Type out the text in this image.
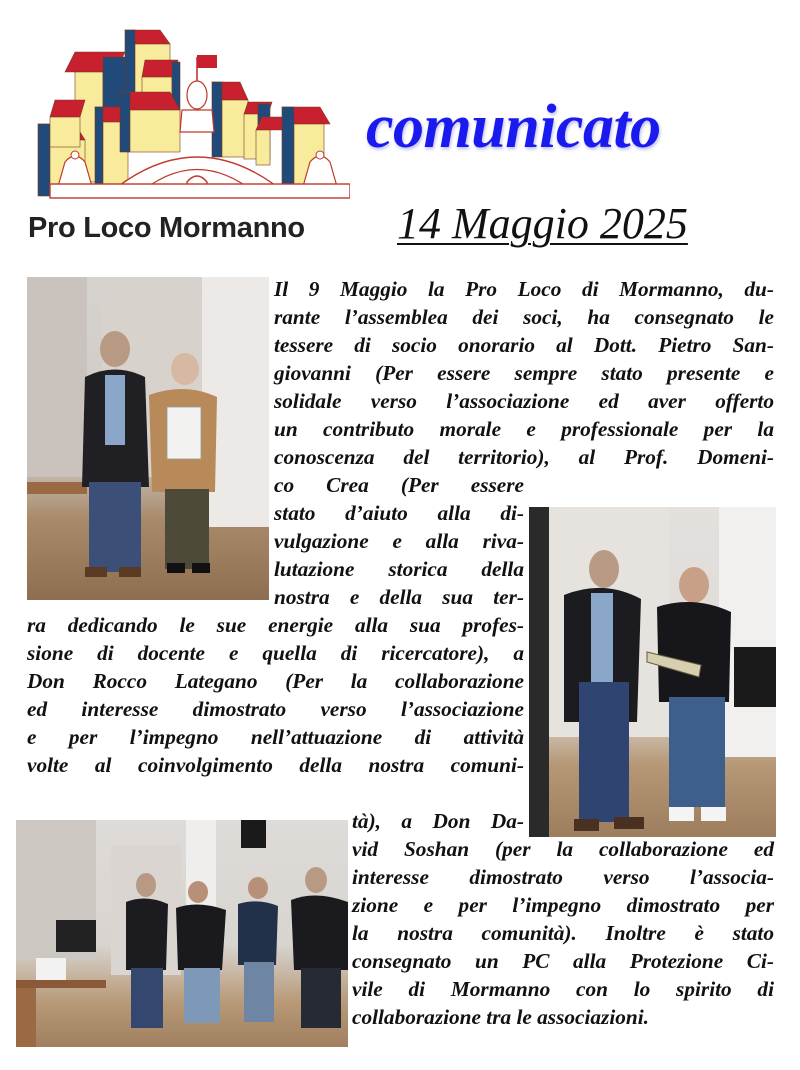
Pro Loco Mormanno
comunicato
14 Maggio 2025
Il 9 Maggio la Pro Loco di Mormanno, du-
rante l’assemblea dei soci, ha consegnato le
tessere di socio onorario al Dott. Pietro San-
giovanni (Per essere sempre stato presente e
solidale verso l’associazione ed aver offerto
un contributo morale e professionale per la
conoscenza del territorio), al Prof. Domeni-
co Crea (Per essere
stato d’aiuto alla di-
vulgazione e alla riva-
lutazione storica della
nostra e della sua ter-
ra dedicando le sue energie alla sua profes-
sione di docente e quella di ricercatore), a
Don Rocco Lategano (Per la collaborazione
ed interesse dimostrato verso l’associazione
e per l’impegno nell’attuazione di attività
volte al coinvolgimento della nostra comuni-
tà), a Don Da-
vid Soshan (per la collaborazione ed
interesse dimostrato verso l’associa-
zione e per l’impegno dimostrato per
la nostra comunità). Inoltre è stato
consegnato un PC alla Protezione Ci-
vile di Mormanno con lo spirito di
collaborazione tra le associazioni.
